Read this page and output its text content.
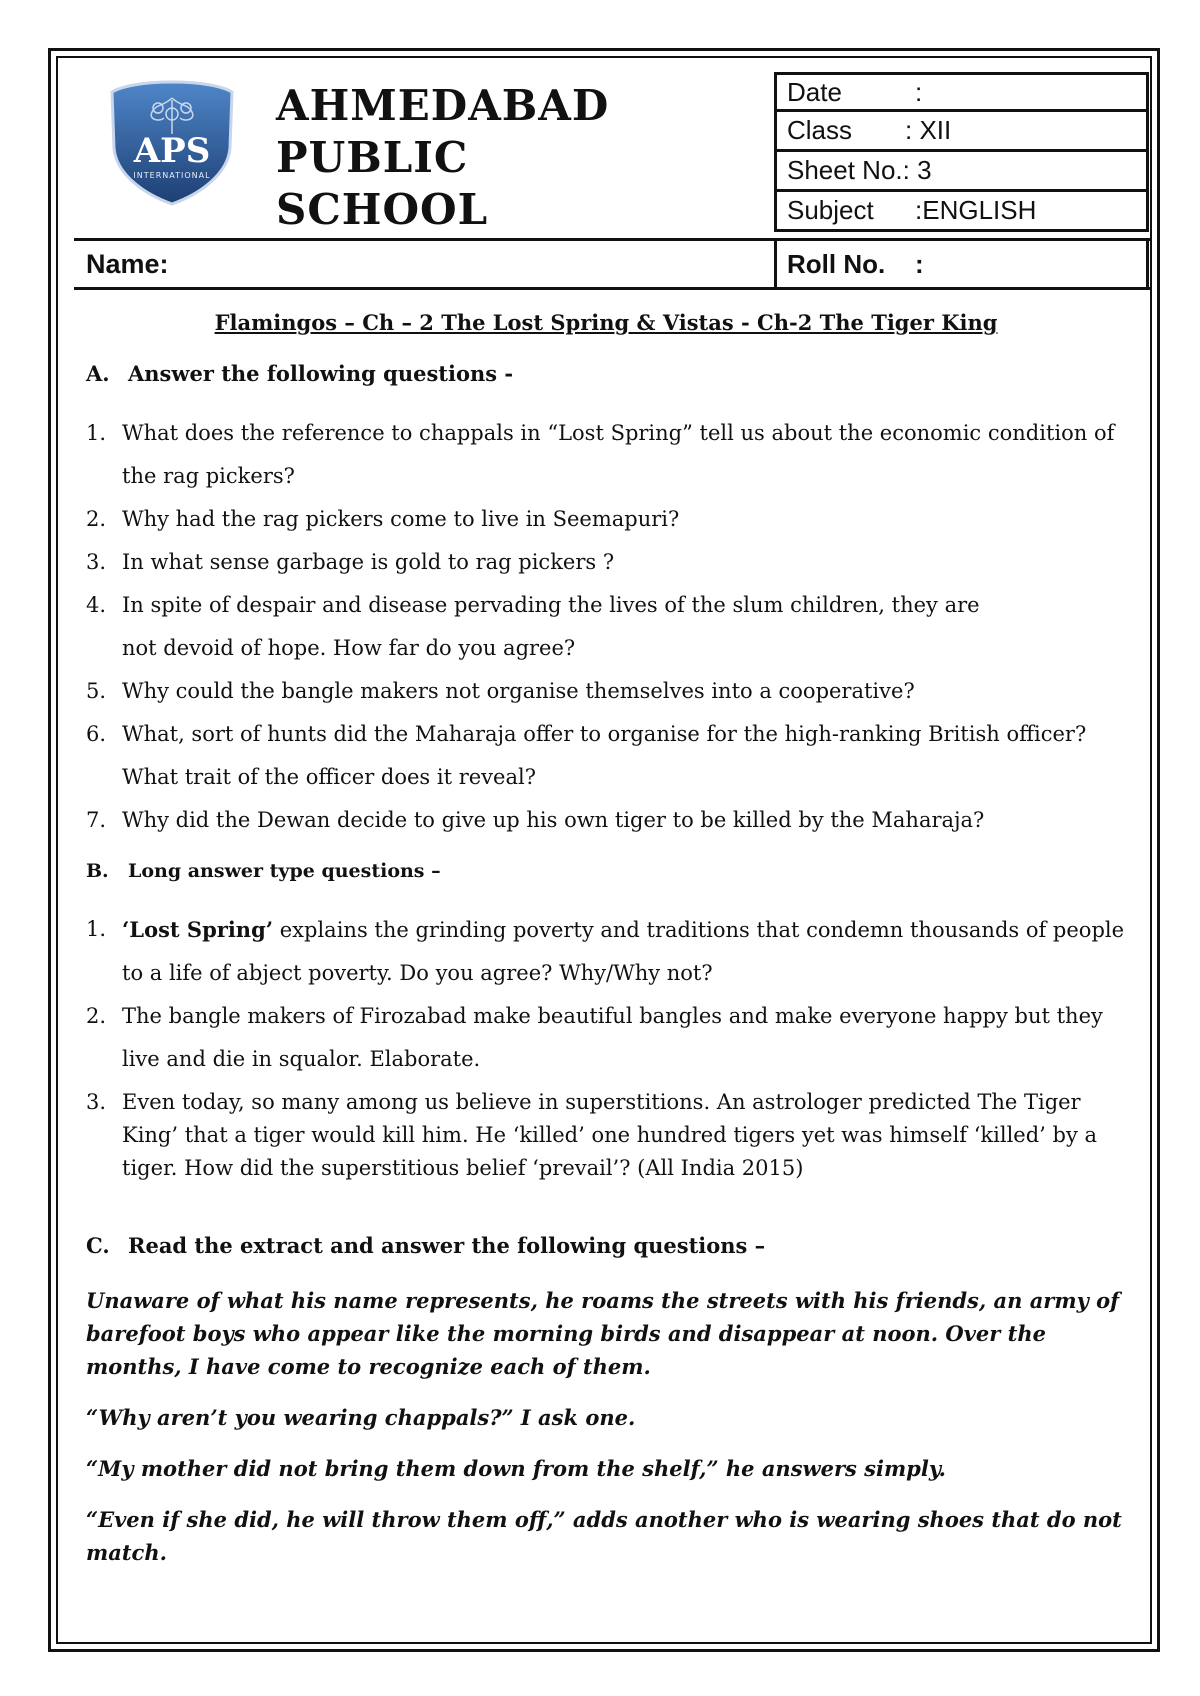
APS
INTERNATIONAL
AHMEDABAD
PUBLIC
SCHOOL
Date	:
Class	: XII
Sheet No. : 3
Subject	:ENGLISH
Name:	Roll No.	:
Flamingos – Ch – 2 The Lost Spring & Vistas - Ch-2 The Tiger King
A. Answer the following questions -
1. What does the reference to chappals in “Lost Spring” tell us about the economic condition of the rag pickers?
2. Why had the rag pickers come to live in Seemapuri?
3. In what sense garbage is gold to rag pickers ?
4. In spite of despair and disease pervading the lives of the slum children, they are not devoid of hope. How far do you agree?
5. Why could the bangle makers not organise themselves into a cooperative?
6. What, sort of hunts did the Maharaja offer to organise for the high-ranking British officer? What trait of the officer does it reveal?
7. Why did the Dewan decide to give up his own tiger to be killed by the Maharaja?
B.	Long answer type questions –
1. ‘Lost Spring’ explains the grinding poverty and traditions that condemn thousands of people to a life of abject poverty. Do you agree? Why/Why not?
2. The bangle makers of Firozabad make beautiful bangles and make everyone happy but they live and die in squalor. Elaborate.
3. Even today, so many among us believe in superstitions. An astrologer predicted The Tiger King’ that a tiger would kill him. He ‘killed’ one hundred tigers yet was himself ‘killed’ by a tiger. How did the superstitious belief ‘prevail’? (All India 2015)
C. Read the extract and answer the following questions –

Unaware of what his name represents, he roams the streets with his friends, an army of barefoot boys who appear like the morning birds and disappear at noon. Over the months, I have come to recognize each of them.

“Why aren’t you wearing chappals?” I ask one.

“My mother did not bring them down from the shelf,” he answers simply.

“Even if she did, he will throw them off,” adds another who is wearing shoes that do not match.
